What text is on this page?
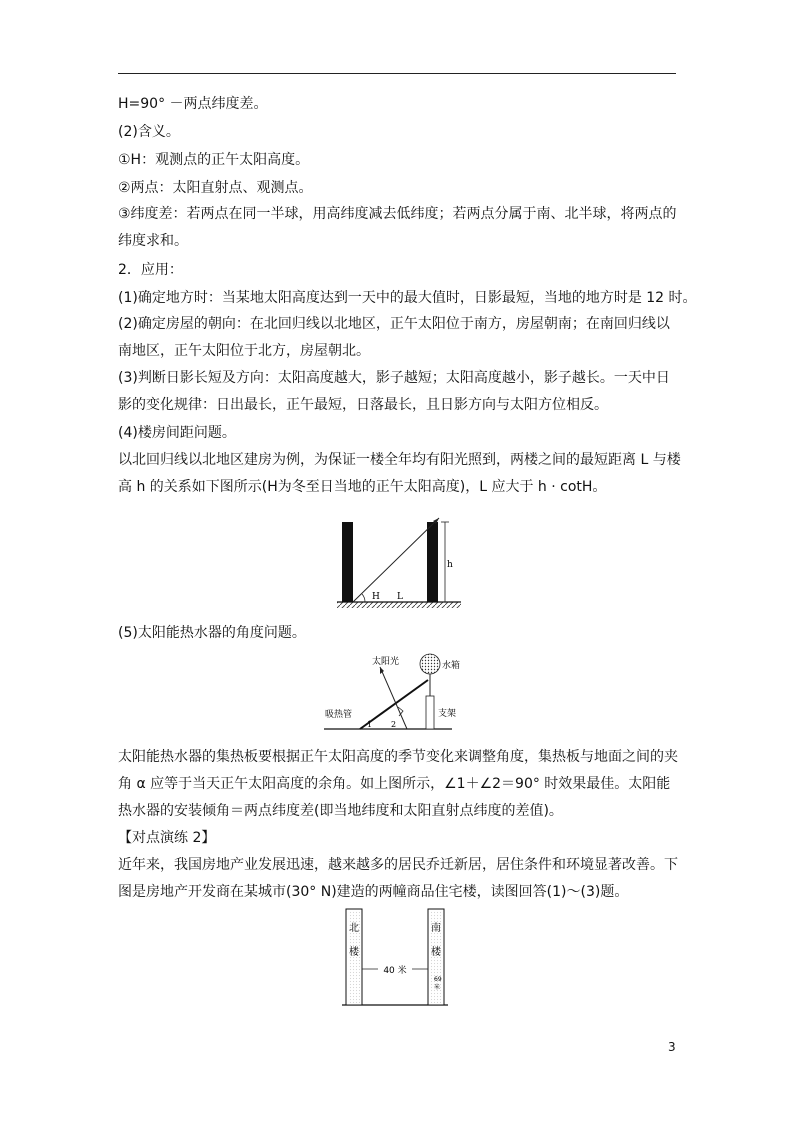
H=90° －两点纬度差。
(2)含义。
①H：观测点的正午太阳高度。
②两点：太阳直射点、观测点。
③纬度差：若两点在同一半球，用高纬度减去低纬度；若两点分属于南、北半球，将两点的
纬度求和。
2．应用：
(1)确定地方时：当某地太阳高度达到一天中的最大值时，日影最短，当地的地方时是 12 时。
(2)确定房屋的朝向：在北回归线以北地区，正午太阳位于南方，房屋朝南；在南回归线以
南地区，正午太阳位于北方，房屋朝北。
(3)判断日影长短及方向：太阳高度越大，影子越短；太阳高度越小，影子越长。一天中日
影的变化规律：日出最长，正午最短，日落最长，且日影方向与太阳方位相反。
(4)楼房间距问题。
以北回归线以北地区建房为例，为保证一楼全年均有阳光照到，两楼之间的最短距离 L 与楼
高 h 的关系如下图所示(H为冬至日当地的正午太阳高度)，L 应大于 h · cotH。
h
H L
(5)太阳能热水器的角度问题。
太阳光	水箱
支架
吸热管
1 2
太阳能热水器的集热板要根据正午太阳高度的季节变化来调整角度，集热板与地面之间的夹
角 α 应等于当天正午太阳高度的余角。如上图所示，∠1＋∠2＝90° 时效果最佳。太阳能
热水器的安装倾角＝两点纬度差(即当地纬度和太阳直射点纬度的差值)。
【对点演练 2】
近年来，我国房地产业发展迅速，越来越多的居民乔迁新居，居住条件和环境显著改善。下
图是房地产开发商在某城市(30° N)建造的两幢商品住宅楼，读图回答(1)～(3)题。
北
楼
南
楼
40 米
69
米
3
